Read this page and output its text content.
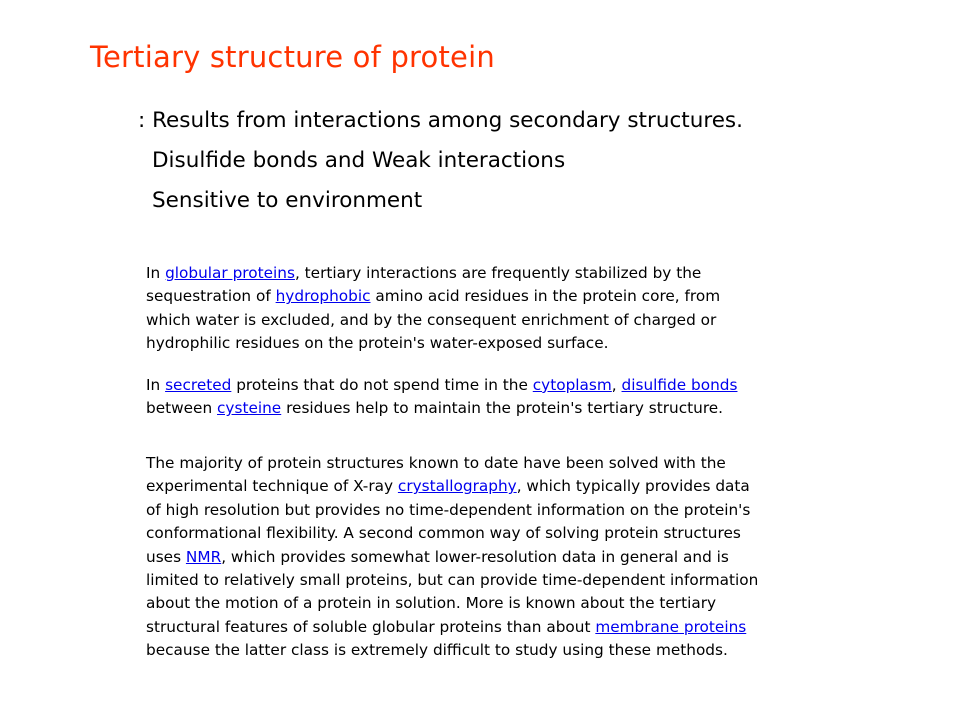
Tertiary structure of protein
: Results from interactions among secondary structures.
Disulfide bonds and Weak interactions
Sensitive to environment
In globular proteins, tertiary interactions are frequently stabilized by the
sequestration of hydrophobic amino acid residues in the protein core, from
which water is excluded, and by the consequent enrichment of charged or
hydrophilic residues on the protein's water-exposed surface.
In secreted proteins that do not spend time in the cytoplasm, disulfide bonds
between cysteine residues help to maintain the protein's tertiary structure.
The majority of protein structures known to date have been solved with the
experimental technique of X-ray crystallography, which typically provides data
of high resolution but provides no time-dependent information on the protein's
conformational flexibility. A second common way of solving protein structures
uses NMR, which provides somewhat lower-resolution data in general and is
limited to relatively small proteins, but can provide time-dependent information
about the motion of a protein in solution. More is known about the tertiary
structural features of soluble globular proteins than about membrane proteins
because the latter class is extremely difficult to study using these methods.
